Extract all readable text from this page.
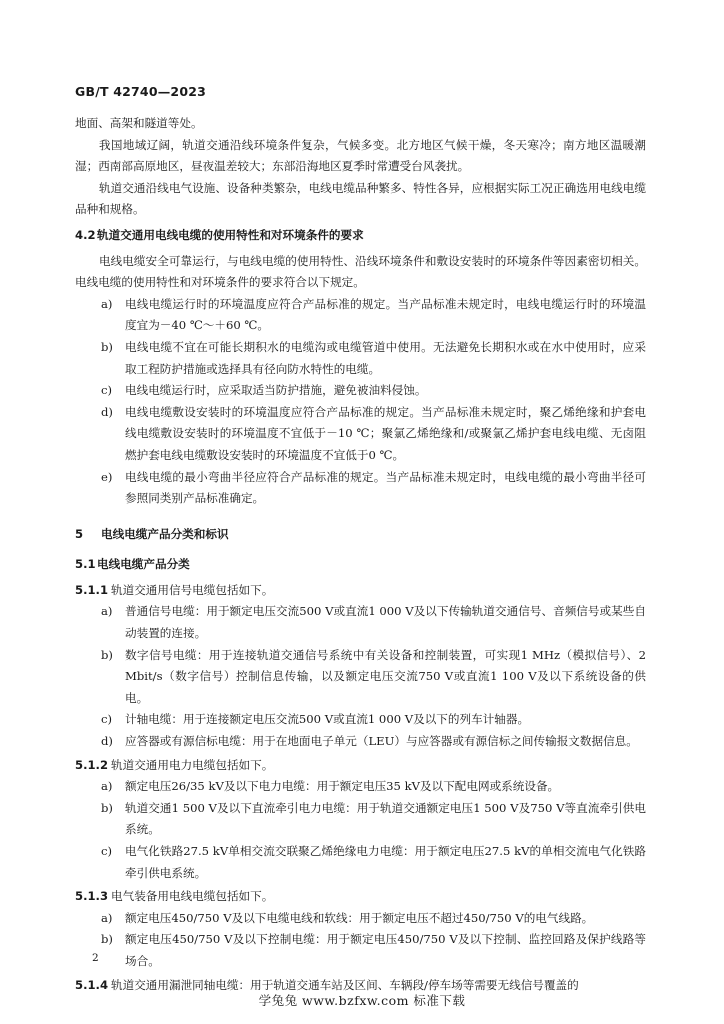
GB/T 42740—2023

地面、高架和隧道等处。

我国地域辽阔，轨道交通沿线环境条件复杂，气候多变。北方地区气候干燥，冬天寒冷；南方地区温暖潮湿；西南部高原地区，昼夜温差较大；东部沿海地区夏季时常遭受台风袭扰。

轨道交通沿线电气设施、设备种类繁杂，电线电缆品种繁多、特性各异，应根据实际工况正确选用电线电缆品种和规格。

4.2轨道交通用电线电缆的使用特性和对环境条件的要求

电线电缆安全可靠运行，与电线电缆的使用特性、沿线环境条件和敷设安装时的环境条件等因素密切相关。电线电缆的使用特性和对环境条件的要求符合以下规定。

a) 电线电缆运行时的环境温度应符合产品标准的规定。当产品标准未规定时，电线电缆运行时的环境温度宜为－40 ℃～＋60 ℃。

b) 电线电缆不宜在可能长期积水的电缆沟或电缆管道中使用。无法避免长期积水或在水中使用时，应采取工程防护措施或选择具有径向防水特性的电缆。

c) 电线电缆运行时，应采取适当防护措施，避免被油料侵蚀。

d) 电线电缆敷设安装时的环境温度应符合产品标准的规定。当产品标准未规定时，聚乙烯绝缘和护套电线电缆敷设安装时的环境温度不宜低于－10 ℃；聚氯乙烯绝缘和/或聚氯乙烯护套电线电缆、无卤阻燃护套电线电缆敷设安装时的环境温度不宜低于0 ℃。

e) 电线电缆的最小弯曲半径应符合产品标准的规定。当产品标准未规定时，电线电缆的最小弯曲半径可参照同类别产品标准确定。

5 电线电缆产品分类和标识

5.1电线电缆产品分类

5.1.1 轨道交通用信号电缆包括如下。

a) 普通信号电缆：用于额定电压交流500 V或直流1 000 V及以下传输轨道交通信号、音频信号或某些自动装置的连接。

b) 数字信号电缆：用于连接轨道交通信号系统中有关设备和控制装置，可实现1 MHz（模拟信号）、2 Mbit/s（数字信号）控制信息传输，以及额定电压交流750 V或直流1 100 V及以下系统设备的供电。

c) 计轴电缆：用于连接额定电压交流500 V或直流1 000 V及以下的列车计轴器。

d) 应答器或有源信标电缆：用于在地面电子单元（LEU）与应答器或有源信标之间传输报文数据信息。

5.1.2 轨道交通用电力电缆包括如下。

a) 额定电压26/35 kV及以下电力电缆：用于额定电压35 kV及以下配电网或系统设备。

b) 轨道交通1 500 V及以下直流牵引电力电缆：用于轨道交通额定电压1 500 V及750 V等直流牵引供电系统。

c) 电气化铁路27.5 kV单相交流交联聚乙烯绝缘电力电缆：用于额定电压27.5 kV的单相交流电气化铁路牵引供电系统。

5.1.3 电气装备用电线电缆包括如下。

a) 额定电压450/750 V及以下电缆电线和软线：用于额定电压不超过450/750 V的电气线路。

b) 额定电压450/750 V及以下控制电缆：用于额定电压450/750 V及以下控制、监控回路及保护线路等场合。

5.1.4 轨道交通用漏泄同轴电缆：用于轨道交通车站及区间、车辆段/停车场等需要无线信号覆盖的

2
学兔兔 www.bzfxw.com 标准下载
